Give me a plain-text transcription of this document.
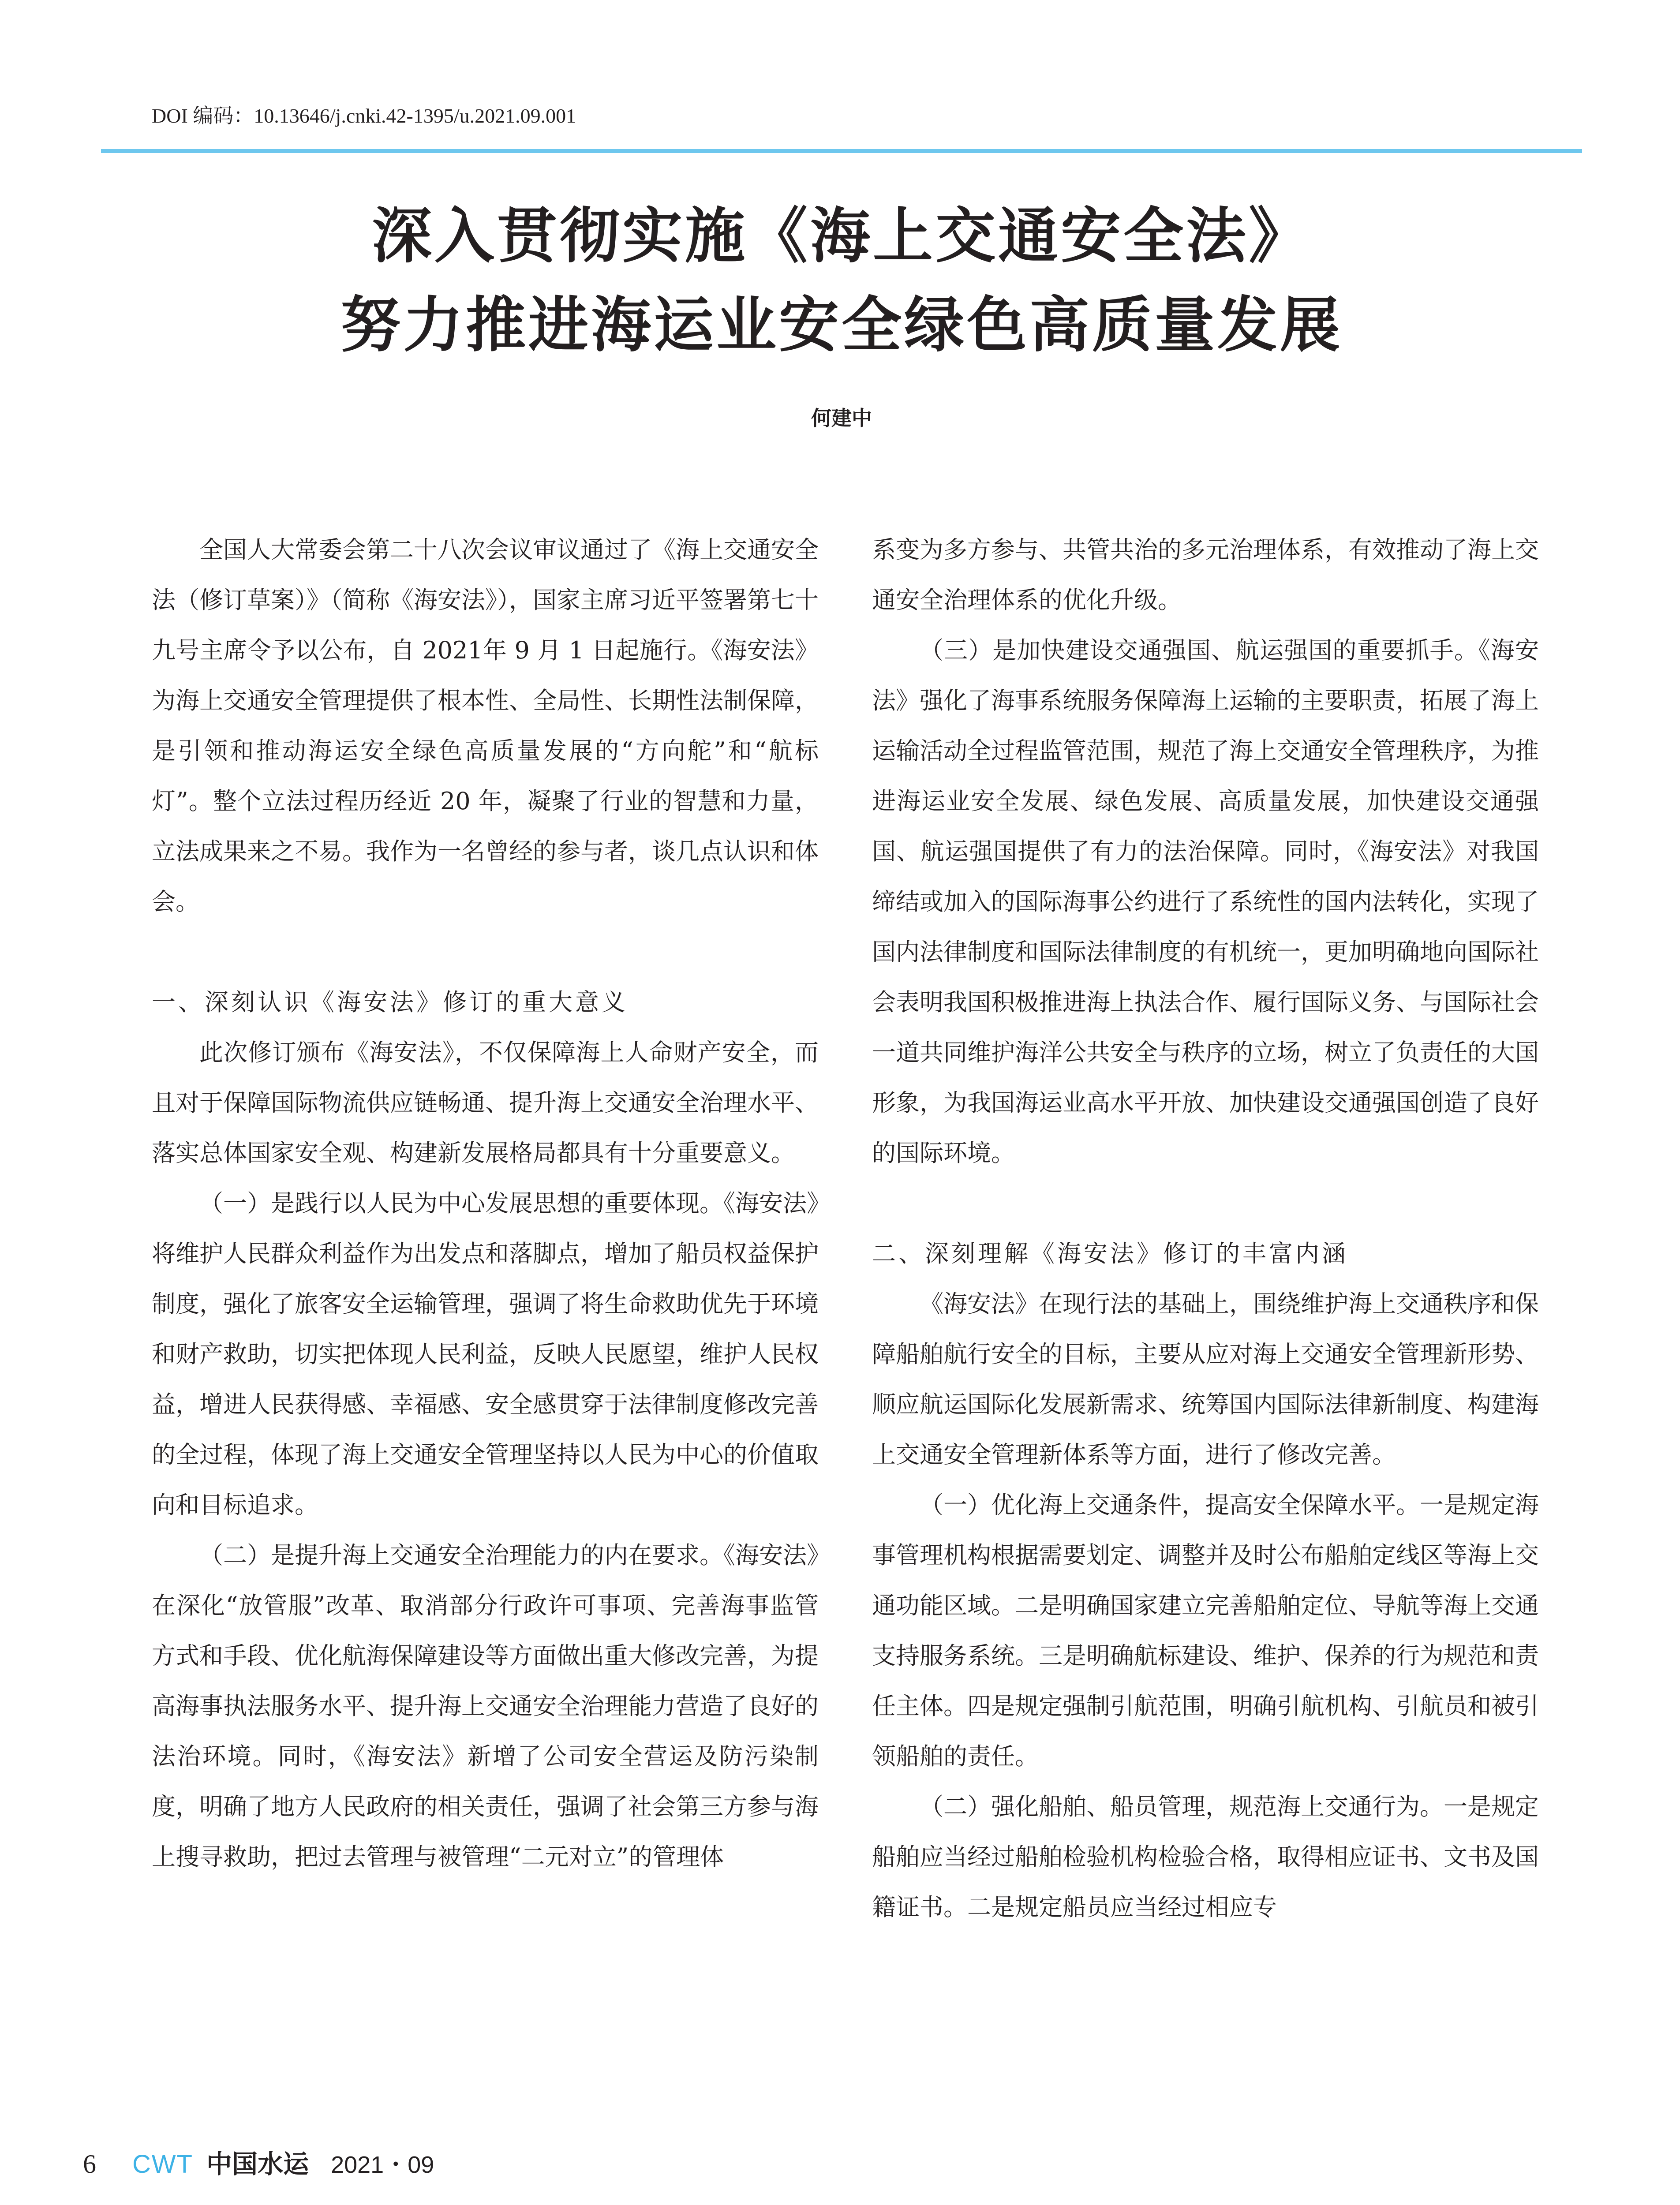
DOI 编码：10.13646/j.cnki.42-1395/u.2021.09.001
深入贯彻实施《海上交通安全法》
努力推进海运业安全绿色高质量发展
何建中

全国人大常委会第二十八次会议审议通过了《海上交通安全法（修订草案）》（简称《海安法》），国家主席习近平签署第七十九号主席令予以公布，自 2021年 9 月 1 日起施行。《海安法》为海上交通安全管理提供了根本性、全局性、长期性法制保障，是引领和推动海运安全绿色高质量发展的“方向舵”和“航标灯”。整个立法过程历经近 20 年，凝聚了行业的智慧和力量，立法成果来之不易。我作为一名曾经的参与者，谈几点认识和体会。

一、深刻认识《海安法》修订的重大意义

此次修订颁布《海安法》，不仅保障海上人命财产安全，而且对于保障国际物流供应链畅通、提升海上交通安全治理水平、落实总体国家安全观、构建新发展格局都具有十分重要意义。

（一）是践行以人民为中心发展思想的重要体现。《海安法》将维护人民群众利益作为出发点和落脚点，增加了船员权益保护制度，强化了旅客安全运输管理，强调了将生命救助优先于环境和财产救助，切实把体现人民利益，反映人民愿望，维护人民权益，增进人民获得感、幸福感、安全感贯穿于法律制度修改完善的全过程，体现了海上交通安全管理坚持以人民为中心的价值取向和目标追求。

（二）是提升海上交通安全治理能力的内在要求。《海安法》在深化“放管服”改革、取消部分行政许可事项、完善海事监管方式和手段、优化航海保障建设等方面做出重大修改完善，为提高海事执法服务水平、提升海上交通安全治理能力营造了良好的法治环境。同时，《海安法》新增了公司安全营运及防污染制度，明确了地方人民政府的相关责任，强调了社会第三方参与海上搜寻救助，把过去管理与被管理“二元对立”的管理体

系变为多方参与、共管共治的多元治理体系，有效推动了海上交通安全治理体系的优化升级。

（三）是加快建设交通强国、航运强国的重要抓手。《海安法》强化了海事系统服务保障海上运输的主要职责，拓展了海上运输活动全过程监管范围，规范了海上交通安全管理秩序，为推进海运业安全发展、绿色发展、高质量发展，加快建设交通强国、航运强国提供了有力的法治保障。同时，《海安法》对我国缔结或加入的国际海事公约进行了系统性的国内法转化，实现了国内法律制度和国际法律制度的有机统一，更加明确地向国际社会表明我国积极推进海上执法合作、履行国际义务、与国际社会一道共同维护海洋公共安全与秩序的立场，树立了负责任的大国形象，为我国海运业高水平开放、加快建设交通强国创造了良好的国际环境。

二、深刻理解《海安法》修订的丰富内涵

《海安法》在现行法的基础上，围绕维护海上交通秩序和保障船舶航行安全的目标，主要从应对海上交通安全管理新形势、顺应航运国际化发展新需求、统筹国内国际法律新制度、构建海上交通安全管理新体系等方面，进行了修改完善。

（一）优化海上交通条件，提高安全保障水平。一是规定海事管理机构根据需要划定、调整并及时公布船舶定线区等海上交通功能区域。二是明确国家建立完善船舶定位、导航等海上交通支持服务系统。三是明确航标建设、维护、保养的行为规范和责任主体。四是规定强制引航范围，明确引航机构、引航员和被引领船舶的责任。

（二）强化船舶、船员管理，规范海上交通行为。一是规定船舶应当经过船舶检验机构检验合格，取得相应证书、文书及国籍证书。二是规定船员应当经过相应专

6 CWT 中国水运 2021・09
